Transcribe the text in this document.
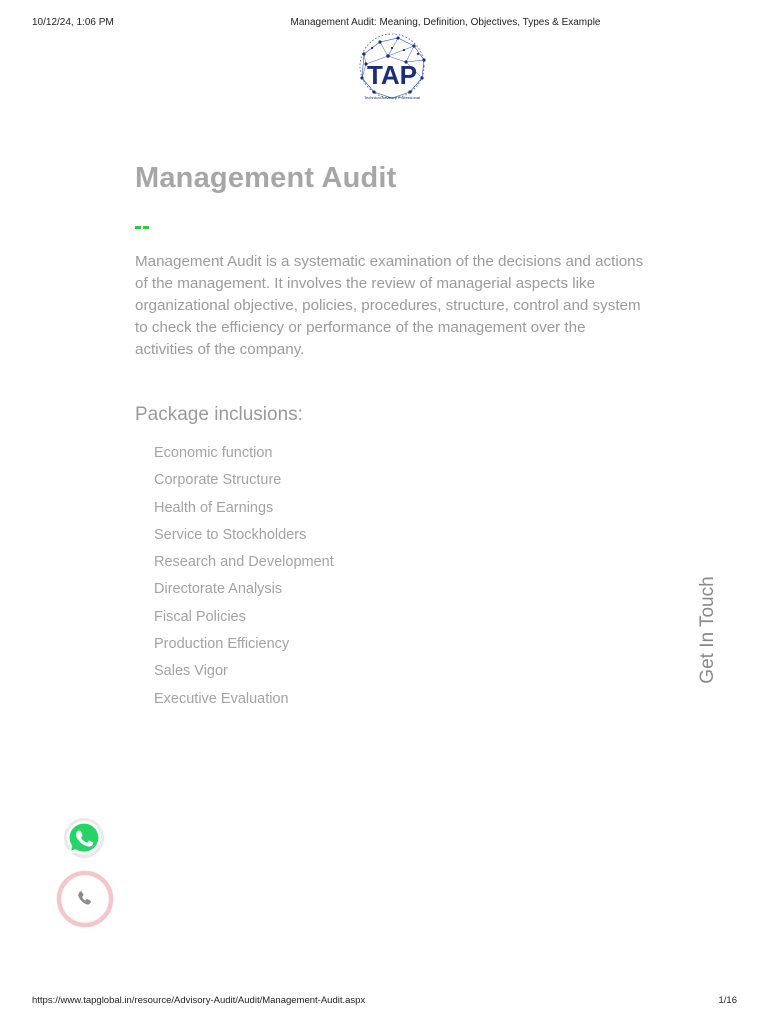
10/12/24, 1:06 PM	Management Audit: Meaning, Definition, Objectives, Types & Example
TAP
Technical Advisory Professional
Management Audit
Management Audit is a systematic examination of the decisions and actions of the management. It involves the review of managerial aspects like organizational objective, policies, procedures, structure, control and system to check the efficiency or performance of the management over the activities of the company.
Package inclusions:
Economic function
Corporate Structure
Health of Earnings
Service to Stockholders
Research and Development
Directorate Analysis
Fiscal Policies
Production Efficiency
Sales Vigor
Executive Evaluation
Get In Touch
https://www.tapglobal.in/resource/Advisory-Audit/Audit/Management-Audit.aspx	1/16
